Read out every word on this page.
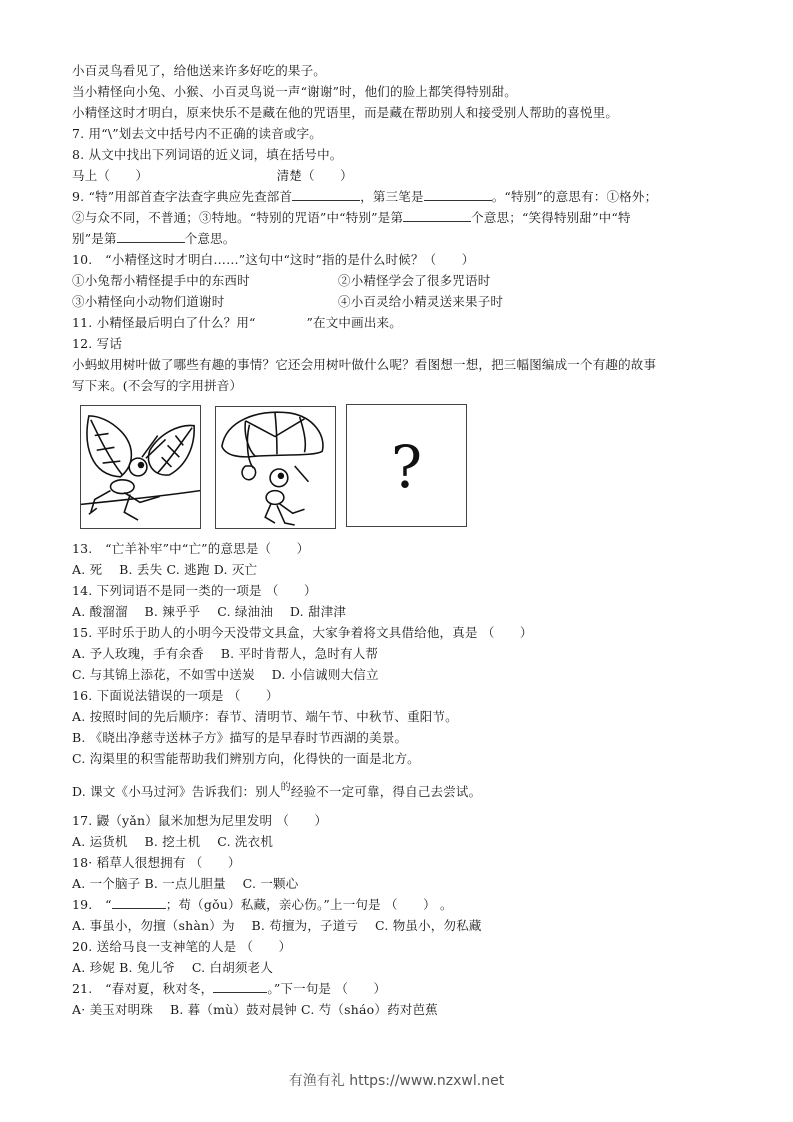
小百灵鸟看见了，给他送来许多好吃的果子。
当小精怪向小兔、小猴、小百灵鸟说一声“谢谢”时，他们的脸上都笑得特别甜。
小精怪这时才明白，原来快乐不是藏在他的咒语里，而是藏在帮助别人和接受别人帮助的喜悦里。
7. 用“\”划去文中括号内不正确的读音或字。
8. 从文中找出下列词语的近义词，填在括号中。
马上（　　）	清楚（　　）
9. “特”用部首查字法查字典应先查部首	，第三笔是	。“特别”的意思有：①格外；
②与众不同，不普通；③特地。“特别的咒语”中“特别”是第	个意思；“笑得特别甜”中“特
别”是第	个意思。
10.　“小精怪这时才明白……”这句中“这时”指的是什么时候？（　　）
①小兔帮小精怪提手中的东西时	②小精怪学会了很多咒语时
③小精怪向小动物们道谢时	④小百灵给小精灵送来果子时
11. 小精怪最后明白了什么？用“　　　　”在文中画出来。
12. 写话
小蚂蚁用树叶做了哪些有趣的事情？它还会用树叶做什么呢？看图想一想，把三幅图编成一个有趣的故事
写下来。(不会写的字用拼音）
?
13.　“亡羊补牢”中“亡”的意思是（　　）
A. 死　 B. 丢失 C. 逃跑 D. 灭亡
14. 下列词语不是同一类的一项是 （　　）
A. 酸溜溜　 B. 辣乎乎　 C. 绿油油　 D. 甜津津
15. 平时乐于助人的小明今天没带文具盒，大家争着将文具借给他，真是 （　　）
A. 予人玫瑰，手有余香　 B. 平时肯帮人，急时有人帮
C. 与其锦上添花，不如雪中送炭　 D. 小信诚则大信立
16. 下面说法错误的一项是 （　　）
A. 按照时间的先后顺序：春节、清明节、端午节、中秋节、重阳节。
B. 《晓出净慈寺送林子方》描写的是早春时节西湖的美景。
C. 沟渠里的积雪能帮助我们辨别方向，化得快的一面是北方。
D. 课文《小马过河》告诉我们：别人$^的$经验不一定可靠，得自己去尝试。
17. 鼹（yǎn）鼠米加想为尼里发明 （　　）
A. 运货机　 B. 挖土机　 C. 洗衣机
18· 稻草人很想拥有 （　　）
A. 一个脑子 B. 一点儿胆量　 C. 一颗心
19.　“	；苟（gǒu）私藏，亲心伤。”上一句是 （　　） 。
A. 事虽小，勿擅（shàn）为　 B. 苟擅为，子道亏　 C. 物虽小，勿私藏
20. 送给马良一支神笔的人是 （　　）
A. 珍妮 B. 兔儿爷　 C. 白胡须老人
21.　“春对夏，秋对冬，	。”下一句是 （　　）
A· 美玉对明珠　 B. 暮（mù）鼓对晨钟 C. 芍（sháo）药对芭蕉
有渔有礼 https://www.nzxwl.net
